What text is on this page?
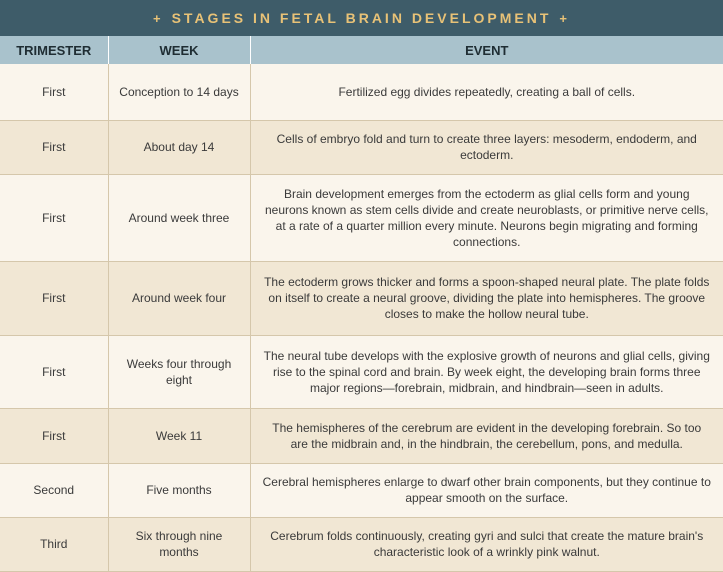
+ STAGES IN FETAL BRAIN DEVELOPMENT +
TRIMESTER	WEEK	EVENT
First	Conception to 14 days	Fertilized egg divides repeatedly, creating a ball of cells.
First	About day 14	Cells of embryo fold and turn to create three layers: mesoderm, endoderm, and ectoderm.
First	Around week three	Brain development emerges from the ectoderm as glial cells form and young neurons known as stem cells divide and create neuroblasts, or primitive nerve cells, at a rate of a quarter million every minute. Neurons begin migrating and forming connections.
First	Around week four	The ectoderm grows thicker and forms a spoon-shaped neural plate. The plate folds on itself to create a neural groove, dividing the plate into hemispheres. The groove closes to make the hollow neural tube.
First	Weeks four through eight	The neural tube develops with the explosive growth of neurons and glial cells, giving rise to the spinal cord and brain. By week eight, the developing brain forms three major regions—forebrain, midbrain, and hindbrain—seen in adults.
First	Week 11	The hemispheres of the cerebrum are evident in the developing forebrain. So too are the midbrain and, in the hindbrain, the cerebellum, pons, and medulla.
Second	Five months	Cerebral hemispheres enlarge to dwarf other brain components, but they continue to appear smooth on the surface.
Third	Six through nine months	Cerebrum folds continuously, creating gyri and sulci that create the mature brain's characteristic look of a wrinkly pink walnut.
